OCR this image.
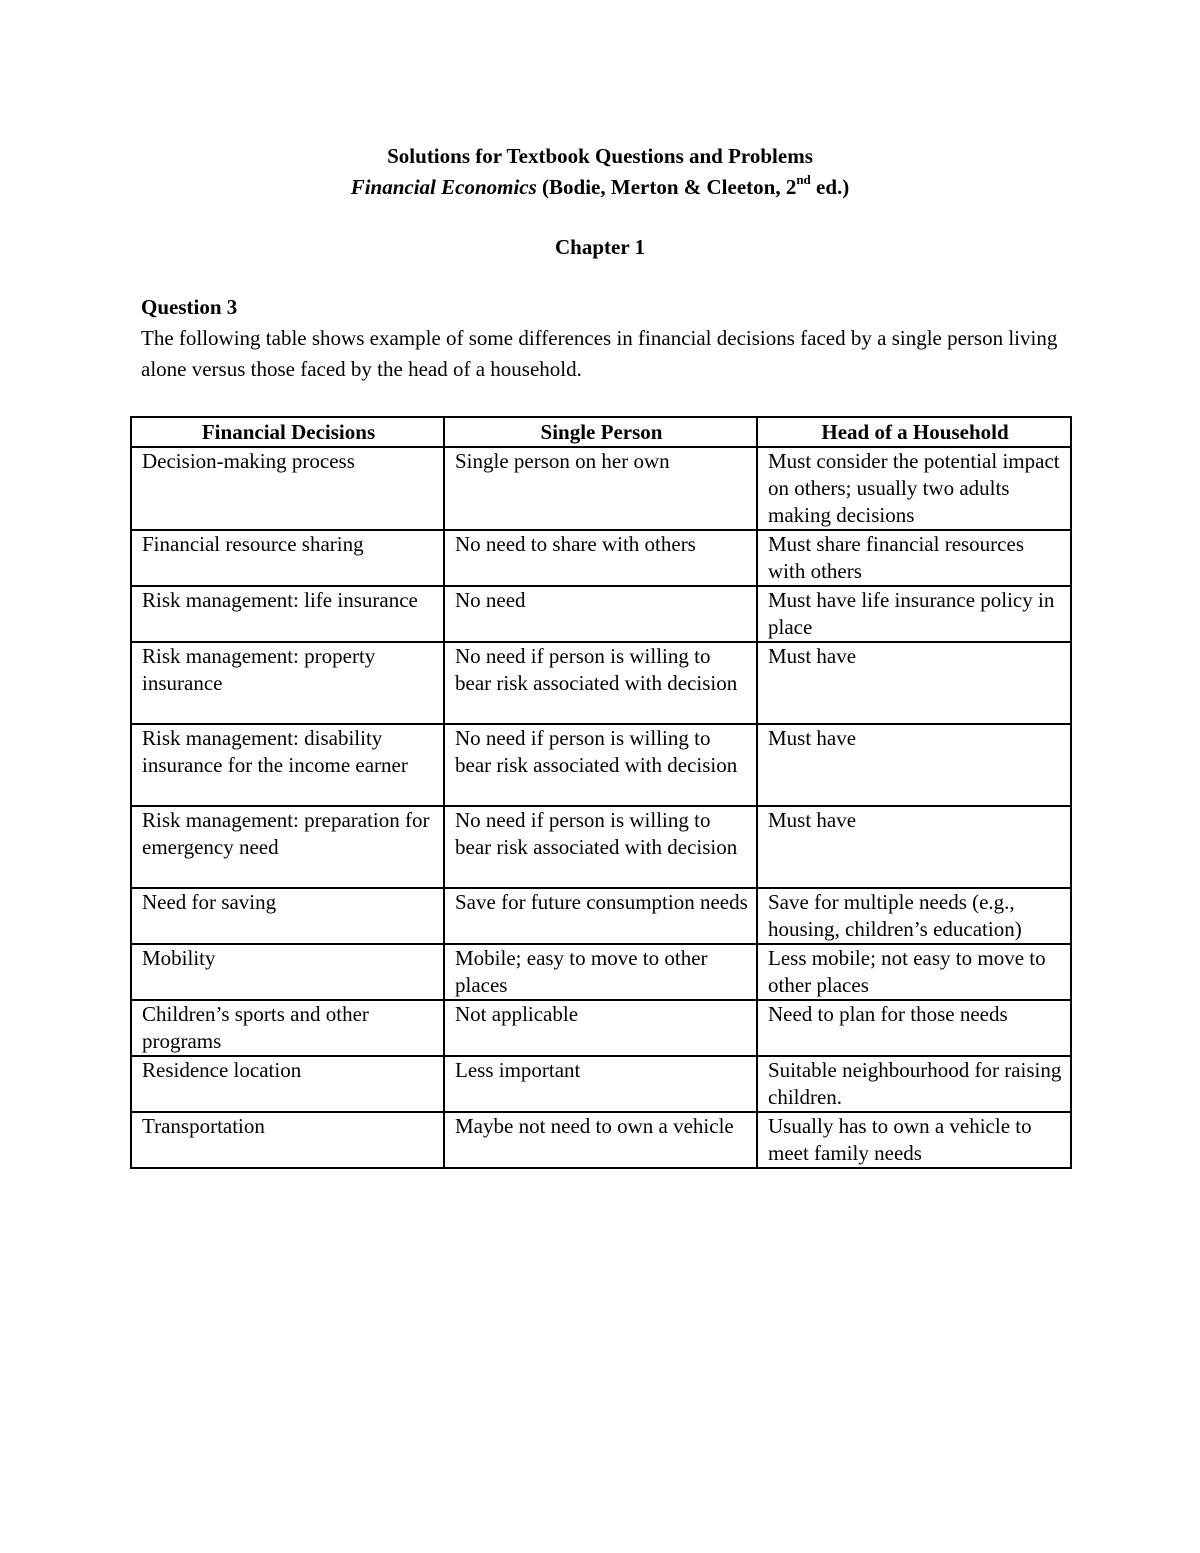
Solutions for Textbook Questions and Problems
Financial Economics (Bodie, Merton & Cleeton, 2nd ed.)
Chapter 1
Question 3

The following table shows example of some differences in financial decisions faced by a single person living alone versus those faced by the head of a household.

Financial Decisions	Single Person	Head of a Household
Decision-making process	Single person on her own	Must consider the potential impact on others; usually two adults making decisions
Financial resource sharing	No need to share with others	Must share financial resources with others
Risk management: life insurance	No need	Must have life insurance policy in place
Risk management: property insurance	No need if person is willing to bear risk associated with decision	Must have
Risk management: disability insurance for the income earner	No need if person is willing to bear risk associated with decision	Must have
Risk management: preparation for emergency need	No need if person is willing to bear risk associated with decision	Must have
Need for saving	Save for future consumption needs	Save for multiple needs (e.g., housing, children’s education)
Mobility	Mobile; easy to move to other places	Less mobile; not easy to move to other places
Children’s sports and other programs	Not applicable	Need to plan for those needs
Residence location	Less important	Suitable neighbourhood for raising children.
Transportation	Maybe not need to own a vehicle	Usually has to own a vehicle to meet family needs
